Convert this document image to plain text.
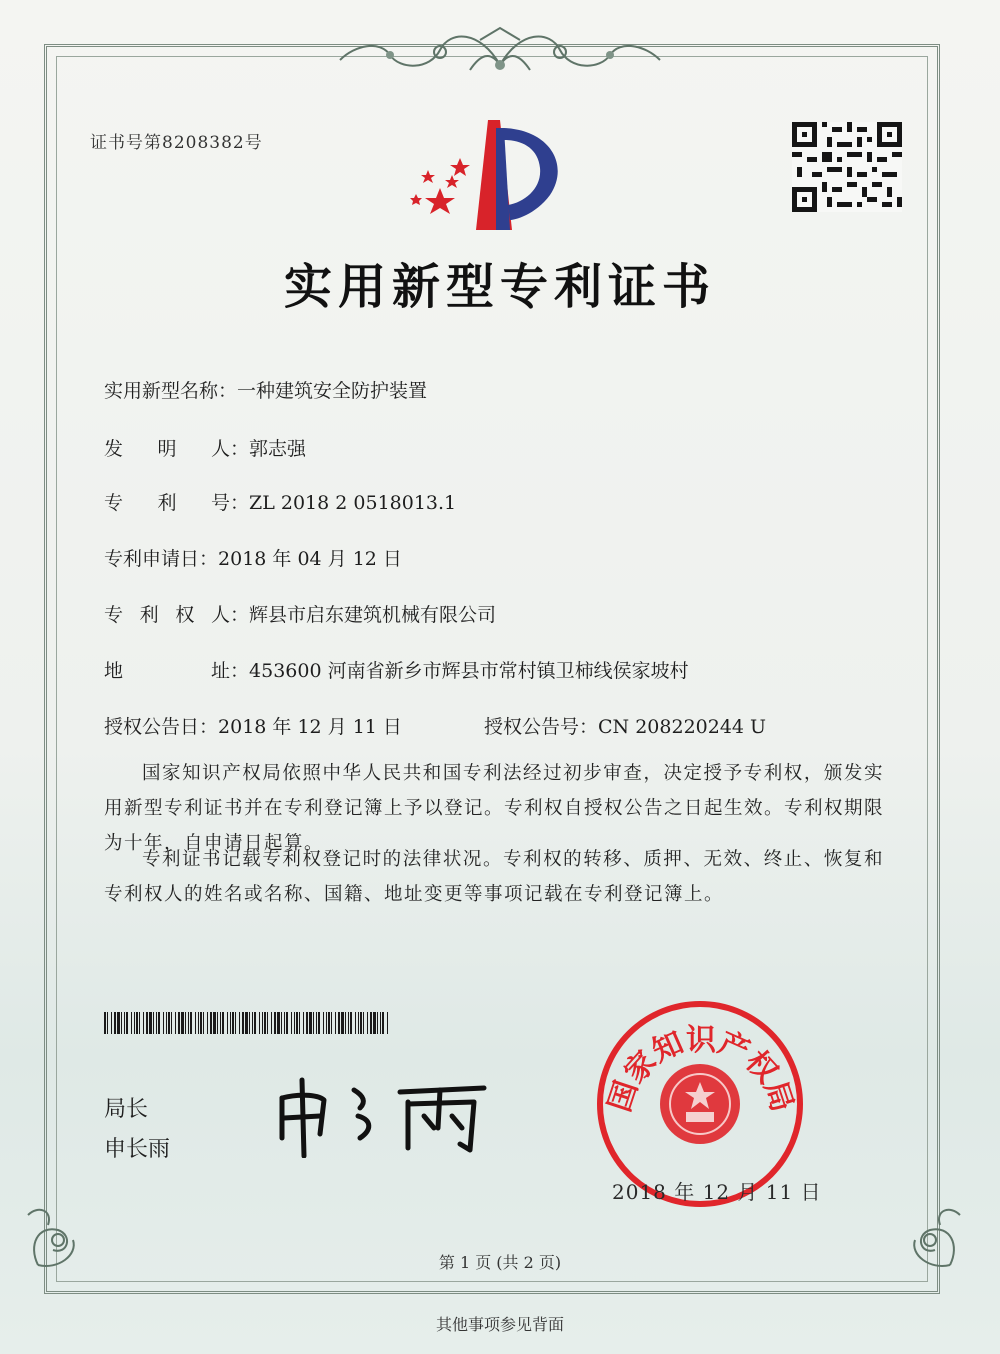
证书号第8208382号
实用新型专利证书
实用新型名称：一种建筑安全防护装置
发 明 人 ：郭志强
专 利 号 ：ZL 2018 2 0518013.1
专利申请日：2018 年 04 月 12 日
专 利 权 人 ：辉县市启东建筑机械有限公司
地	址 ：453600 河南省新乡市辉县市常村镇卫柿线侯家坡村
授权公告日：2018 年 12 月 11 日	授权公告号：CN 208220244 U
国家知识产权局依照中华人民共和国专利法经过初步审查，决定授予专利权，颁发实用新型专利证书并在专利登记簿上予以登记。专利权自授权公告之日起生效。专利权期限为十年，自申请日起算。
专利证书记载专利权登记时的法律状况。专利权的转移、质押、无效、终止、恢复和专利权人的姓名或名称、国籍、地址变更等事项记载在专利登记簿上。
局长
申长雨
国家知识产权局
2018 年 12 月 11 日
第 1 页 (共 2 页)
其他事项参见背面
